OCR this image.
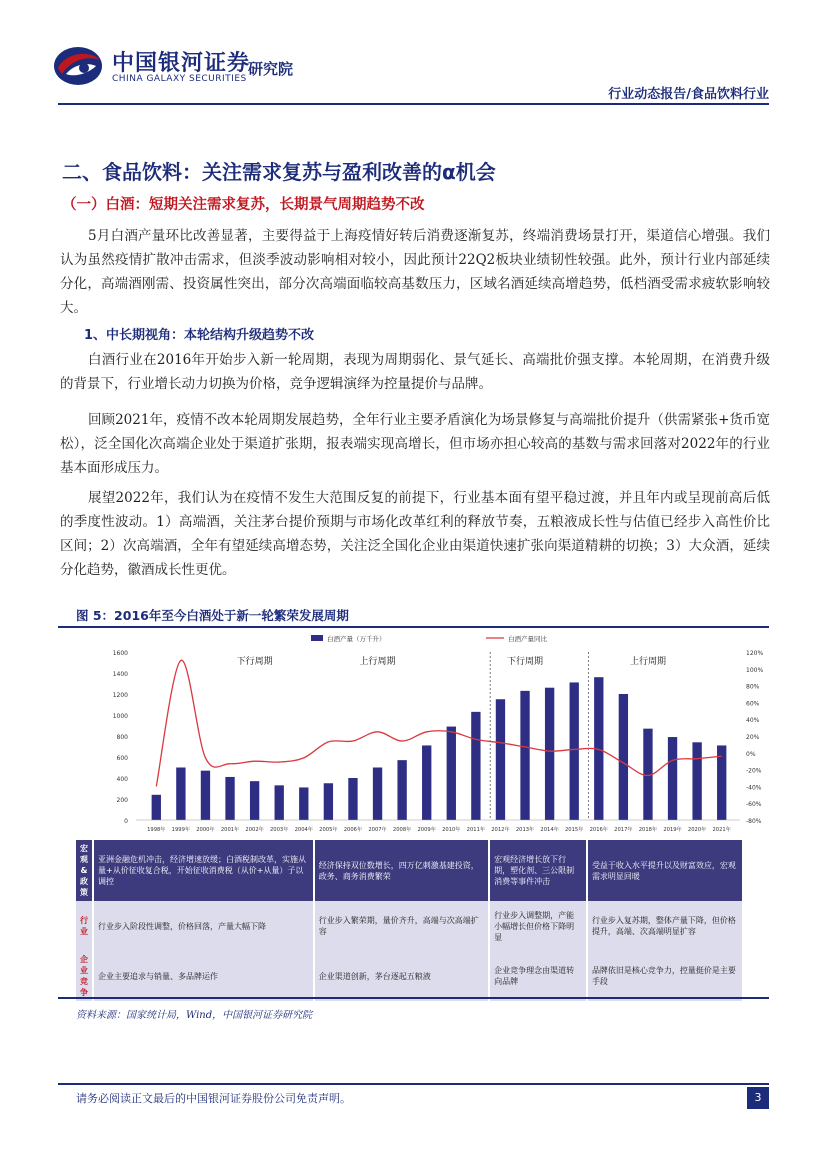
中国银河证券
CHINA GALAXY SECURITIES
研究院
行业动态报告/食品饮料行业
二、食品饮料：关注需求复苏与盈利改善的α机会
（一）白酒：短期关注需求复苏，长期景气周期趋势不改
5月白酒产量环比改善显著，主要得益于上海疫情好转后消费逐渐复苏，终端消费场景打开，渠道信心增强。我们认为虽然疫情扩散冲击需求，但淡季波动影响相对较小，因此预计22Q2板块业绩韧性较强。此外，预计行业内部延续分化，高端酒刚需、投资属性突出，部分次高端面临较高基数压力，区域名酒延续高增趋势，低档酒受需求疲软影响较大。
1、中长期视角：本轮结构升级趋势不改
白酒行业在2016年开始步入新一轮周期，表现为周期弱化、景气延长、高端批价强支撑。本轮周期，在消费升级的背景下，行业增长动力切换为价格，竞争逻辑演绎为控量提价与品牌。
回顾2021年，疫情不改本轮周期发展趋势，全年行业主要矛盾演化为场景修复与高端批价提升（供需紧张+货币宽松），泛全国化次高端企业处于渠道扩张期，报表端实现高增长，但市场亦担心较高的基数与需求回落对2022年的行业基本面形成压力。
展望2022年，我们认为在疫情不发生大范围反复的前提下，行业基本面有望平稳过渡，并且年内或呈现前高后低的季度性波动。1）高端酒，关注茅台提价预期与市场化改革红利的释放节奏，五粮液成长性与估值已经步入高性价比区间；2）次高端酒，全年有望延续高增态势，关注泛全国化企业由渠道快速扩张向渠道精耕的切换；3）大众酒，延续分化趋势，徽酒成长性更优。
图 5：2016年至今白酒处于新一轮繁荣发展周期
下行周期	上行周期	下行周期	上行周期
0
200
400
600
800
1000
1200
1400
1600
-80%
-60%
-40%
-20%
0%
20%
40%
60%
80%
100%
120%
1998年 1999年 2000年 2001年 2002年 2003年 2004年 2005年 2006年 2007年 2008年 2009年 2010年 2011年 2012年 2013年 2014年 2015年 2016年 2017年 2018年 2019年 2020年 2021年
白酒产量（万千升）	白酒产量同比
宏观&政策	亚洲金融危机冲击，经济增速放缓；白酒税制改革，实施从量+从价征收复合税，开始征收消费税（从价+从量）子以调控	经济保持双位数增长，四万亿刺激基建投资，政务、商务消费繁荣	宏观经济增长放下行期，塑化剂、三公限制消费等事件冲击	受益于收入水平提升以及财富效应，宏观需求明显回暖
行业	行业步入阶段性调整，价格回落，产量大幅下降	行业步入繁荣期，量价齐升，高端与次高端扩容	行业步入调整期，产能小幅增长但价格下降明显	行业步入复苏期，整体产量下降，但价格提升，高端、次高端明显扩容
企业竞争	企业主要追求与销量、多品牌运作	企业渠道创新，茅台逐起五粮液	企业竞争理念由渠道转向品牌	品牌依旧是核心竞争力，控量挺价是主要手段
资料来源：国家统计局，Wind，中国银河证券研究院
请务必阅读正文最后的中国银河证券股份公司免责声明。	3
